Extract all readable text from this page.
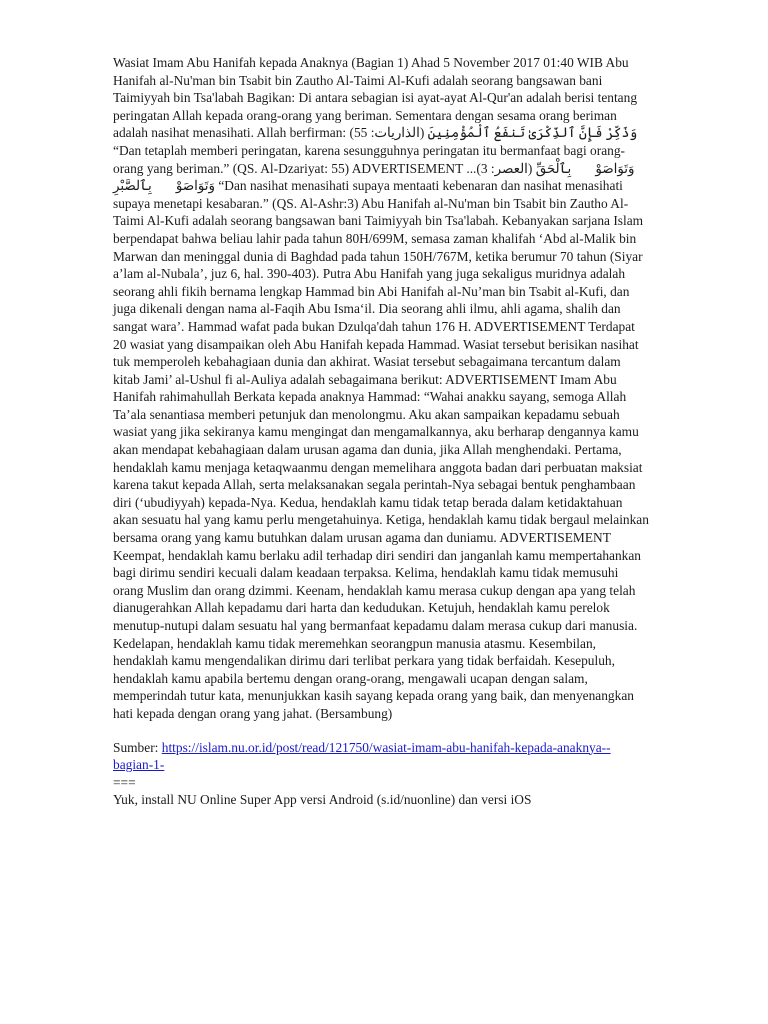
Wasiat Imam Abu Hanifah kepada Anaknya (Bagian 1) Ahad 5 November 2017 01:40 WIB Abu Hanifah al-Nu'man bin Tsabit bin Zautho Al-Taimi Al-Kufi adalah seorang bangsawan bani Taimiyyah bin Tsa'labah Bagikan: Di antara sebagian isi ayat-ayat Al-Qur'an adalah berisi tentang peringatan Allah kepada orang-orang yang beriman. Sementara dengan sesama orang beriman adalah nasihat menasihati. Allah berfirman: (الذاريات: 55) وَذَكِّرْ فَإِنَّ ٱلذِّكْرَىٰ تَنفَعُ ٱلْمُؤْمِنِينَ “Dan tetaplah memberi peringatan, karena sesungguhnya peringatan itu bermanfaat bagi orang-orang yang beriman.” (QS. Al-Dzariyat: 55) ADVERTISEMENT ...(العصر: 3) وَتَوَاصَوْا۟ بِٱلْحَقِّ وَتَوَاصَوْا۟ بِٱلصَّبْرِ “Dan nasihat menasihati supaya mentaati kebenaran dan nasihat menasihati supaya menetapi kesabaran.” (QS. Al-Ashr:3) Abu Hanifah al-Nu'man bin Tsabit bin Zautho Al-Taimi Al-Kufi adalah seorang bangsawan bani Taimiyyah bin Tsa'labah. Kebanyakan sarjana Islam berpendapat bahwa beliau lahir pada tahun 80H/699M, semasa zaman khalifah ‘Abd al-Malik bin Marwan dan meninggal dunia di Baghdad pada tahun 150H/767M, ketika berumur 70 tahun (Siyar a’lam al-Nubala’, juz 6, hal. 390-403). Putra Abu Hanifah yang juga sekaligus muridnya adalah seorang ahli fikih bernama lengkap Hammad bin Abi Hanifah al-Nu’man bin Tsabit al-Kufi, dan juga dikenali dengan nama al-Faqih Abu Isma‘il. Dia seorang ahli ilmu, ahli agama, shalih dan sangat wara’. Hammad wafat pada bukan Dzulqa'dah tahun 176 H. ADVERTISEMENT Terdapat 20 wasiat yang disampaikan oleh Abu Hanifah kepada Hammad. Wasiat tersebut berisikan nasihat tuk memperoleh kebahagiaan dunia dan akhirat. Wasiat tersebut sebagaimana tercantum dalam kitab Jami’ al-Ushul fi al-Auliya adalah sebagaimana berikut: ADVERTISEMENT Imam Abu Hanifah rahimahullah Berkata kepada anaknya Hammad: “Wahai anakku sayang, semoga Allah Ta’ala senantiasa memberi petunjuk dan menolongmu. Aku akan sampaikan kepadamu sebuah wasiat yang jika sekiranya kamu mengingat dan mengamalkannya, aku berharap dengannya kamu akan mendapat kebahagiaan dalam urusan agama dan dunia, jika Allah menghendaki. Pertama, hendaklah kamu menjaga ketaqwaanmu dengan memelihara anggota badan dari perbuatan maksiat karena takut kepada Allah, serta melaksanakan segala perintah-Nya sebagai bentuk penghambaan diri (‘ubudiyyah) kepada-Nya. Kedua, hendaklah kamu tidak tetap berada dalam ketidaktahuan akan sesuatu hal yang kamu perlu mengetahuinya. Ketiga, hendaklah kamu tidak bergaul melainkan bersama orang yang kamu butuhkan dalam urusan agama dan duniamu. ADVERTISEMENT Keempat, hendaklah kamu berlaku adil terhadap diri sendiri dan janganlah kamu mempertahankan bagi dirimu sendiri kecuali dalam keadaan terpaksa. Kelima, hendaklah kamu tidak memusuhi orang Muslim dan orang dzimmi. Keenam, hendaklah kamu merasa cukup dengan apa yang telah dianugerahkan Allah kepadamu dari harta dan kedudukan. Ketujuh, hendaklah kamu perelok menutup-nutupi dalam sesuatu hal yang bermanfaat kepadamu dalam merasa cukup dari manusia. Kedelapan, hendaklah kamu tidak meremehkan seorangpun manusia atasmu. Kesembilan, hendaklah kamu mengendalikan dirimu dari terlibat perkara yang tidak berfaidah. Kesepuluh, hendaklah kamu apabila bertemu dengan orang-orang, mengawali ucapan dengan salam, memperindah tutur kata, menunjukkan kasih sayang kepada orang yang baik, dan menyenangkan hati kepada dengan orang yang jahat. (Bersambung)

Sumber: https://islam.nu.or.id/post/read/121750/wasiat-imam-abu-hanifah-kepada-anaknya--bagian-1-
===
Yuk, install NU Online Super App versi Android (s.id/nuonline) dan versi iOS
